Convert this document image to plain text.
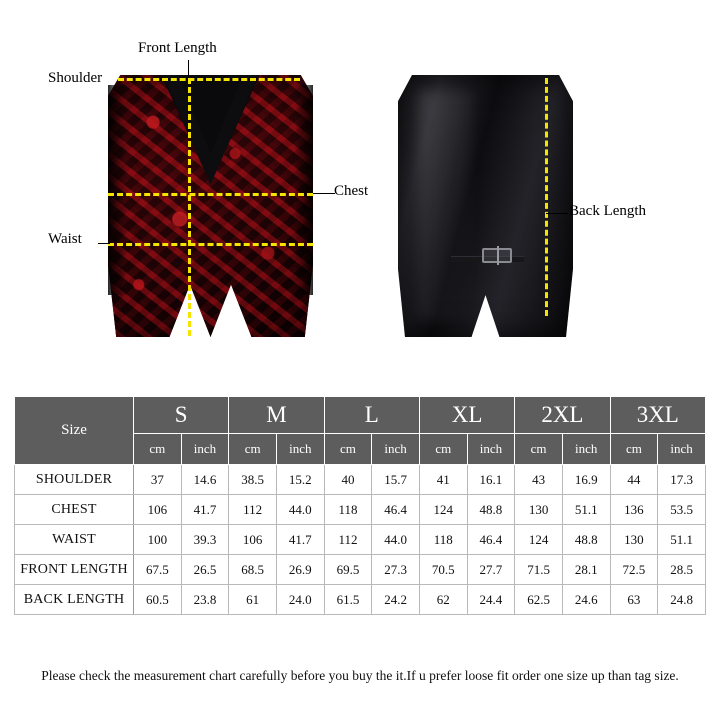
Front Length
Shoulder
Chest
Waist
Back Length
Size	S		M		L		XL		2XL		3XL	
	cm	inch	cm	inch	cm	inch	cm	inch	cm	inch	cm	inch
SHOULDER	37	14.6	38.5	15.2	40	15.7	41	16.1	43	16.9	44	17.3
CHEST	106	41.7	112	44.0	118	46.4	124	48.8	130	51.1	136	53.5
WAIST	100	39.3	106	41.7	112	44.0	118	46.4	124	48.8	130	51.1
FRONT LENGTH	67.5	26.5	68.5	26.9	69.5	27.3	70.5	27.7	71.5	28.1	72.5	28.5
BACK LENGTH	60.5	23.8	61	24.0	61.5	24.2	62	24.4	62.5	24.6	63	24.8
Please check the measurement chart carefully before you buy the it.If u prefer loose fit order one size up than tag size.
